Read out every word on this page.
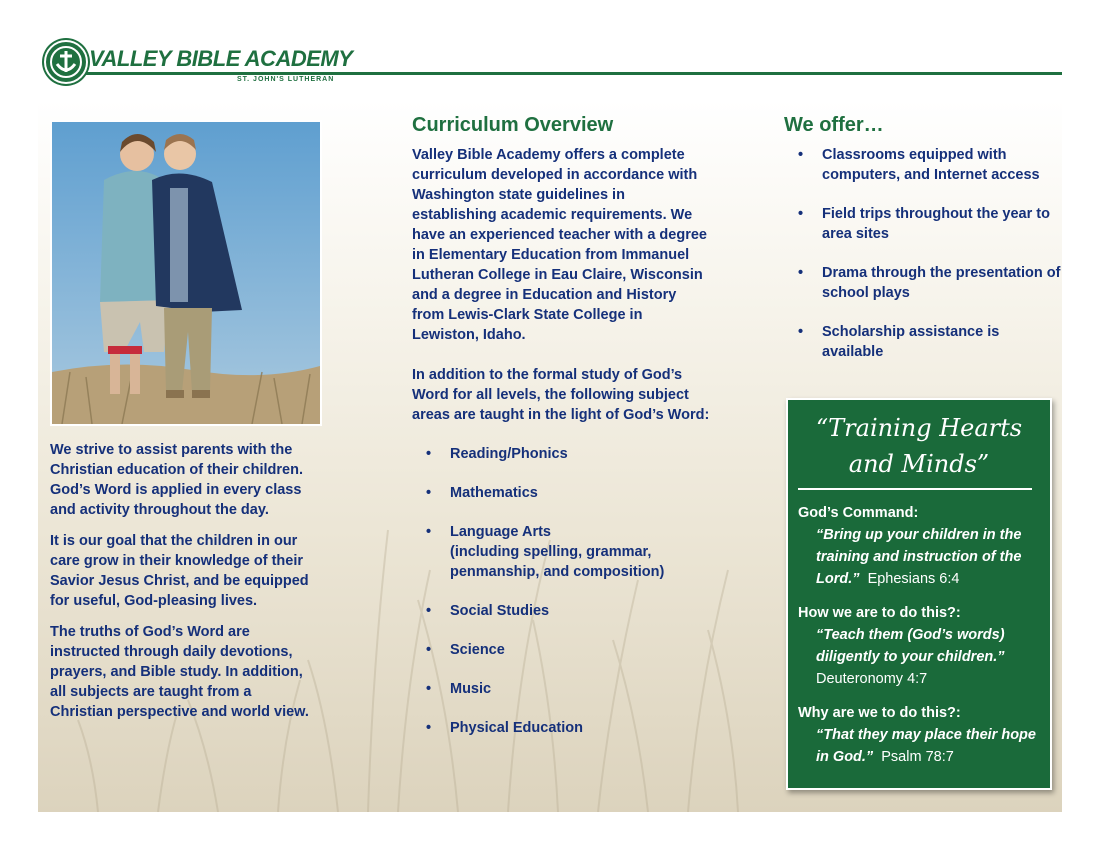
VALLEY BIBLE ACADEMY
ST. JOHN'S LUTHERAN

We strive to assist parents with the Christian education of their children. God’s Word is applied in every class and activity throughout the day.

It is our goal that the children in our care grow in their knowledge of their Savior Jesus Christ, and be equipped for useful, God-pleasing lives.

The truths of God’s Word are instructed through daily devotions, prayers, and Bible study. In addition, all subjects are taught from a Christian perspective and world view.

Curriculum Overview

Valley Bible Academy offers a complete curriculum developed in accordance with Washington state guidelines in establishing academic requirements. We have an experienced teacher with a degree in Elementary Education from Immanuel Lutheran College in Eau Claire, Wisconsin and a degree in Education and History from Lewis-Clark State College in Lewiston, Idaho.

In addition to the formal study of God’s Word for all levels, the following subject areas are taught in the light of God’s Word:

• Reading/Phonics
• Mathematics
• Language Arts
(including spelling, grammar, penmanship, and composition)
• Social Studies
• Science
• Music
• Physical Education
We offer…
• Classrooms equipped with computers, and Internet access
• Field trips throughout the year to area sites
• Drama through the presentation of school plays
• Scholarship assistance is available
“Training Hearts
and Minds”
God’s Command:
“Bring up your children in the training and instruction of the Lord.” Ephesians 6:4
How we are to do this?:
“Teach them (God’s words) diligently to your children.”
Deuteronomy 4:7
Why are we to do this?:
“That they may place their hope in God.” Psalm 78:7
